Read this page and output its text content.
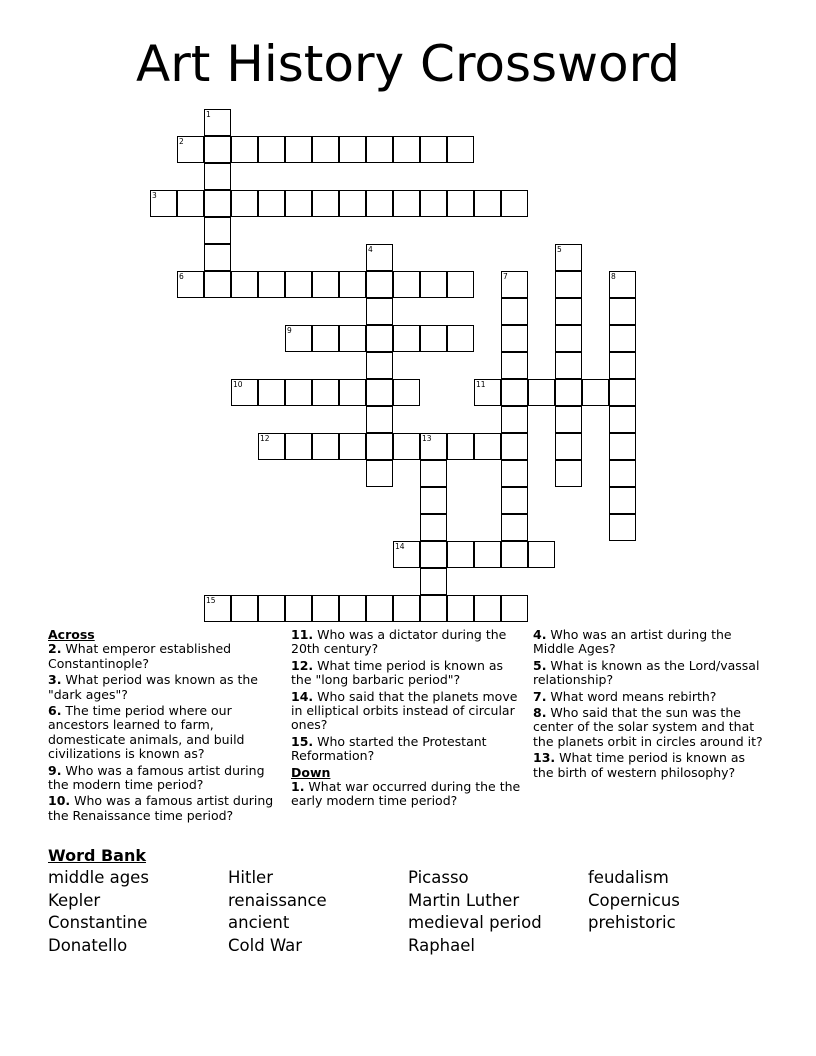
Art History Crossword
1
2
3
4	5
6	7	8
9
10	11
12	13
14
15
Across
2. What emperor established Constantinople?
3. What period was known as the "dark ages"?
6. The time period where our ancestors learned to farm, domesticate animals, and build civilizations is known as?
9. Who was a famous artist during the modern time period?
10. Who was a famous artist during the Renaissance time period?
11. Who was a dictator during the 20th century?
12. What time period is known as the "long barbaric period"?
14. Who said that the planets move in elliptical orbits instead of circular ones?
15. Who started the Protestant Reformation?
Down
1. What war occurred during the the early modern time period?
4. Who was an artist during the Middle Ages?
5. What is known as the Lord/vassal relationship?
7. What word means rebirth?
8. Who said that the sun was the center of the solar system and that the planets orbit in circles around it?
13. What time period is known as the birth of western philosophy?
Word Bank
middle ages
Kepler
Constantine
Donatello
Hitler
renaissance
ancient
Cold War
Picasso
Martin Luther
medieval period
Raphael
feudalism
Copernicus
prehistoric
